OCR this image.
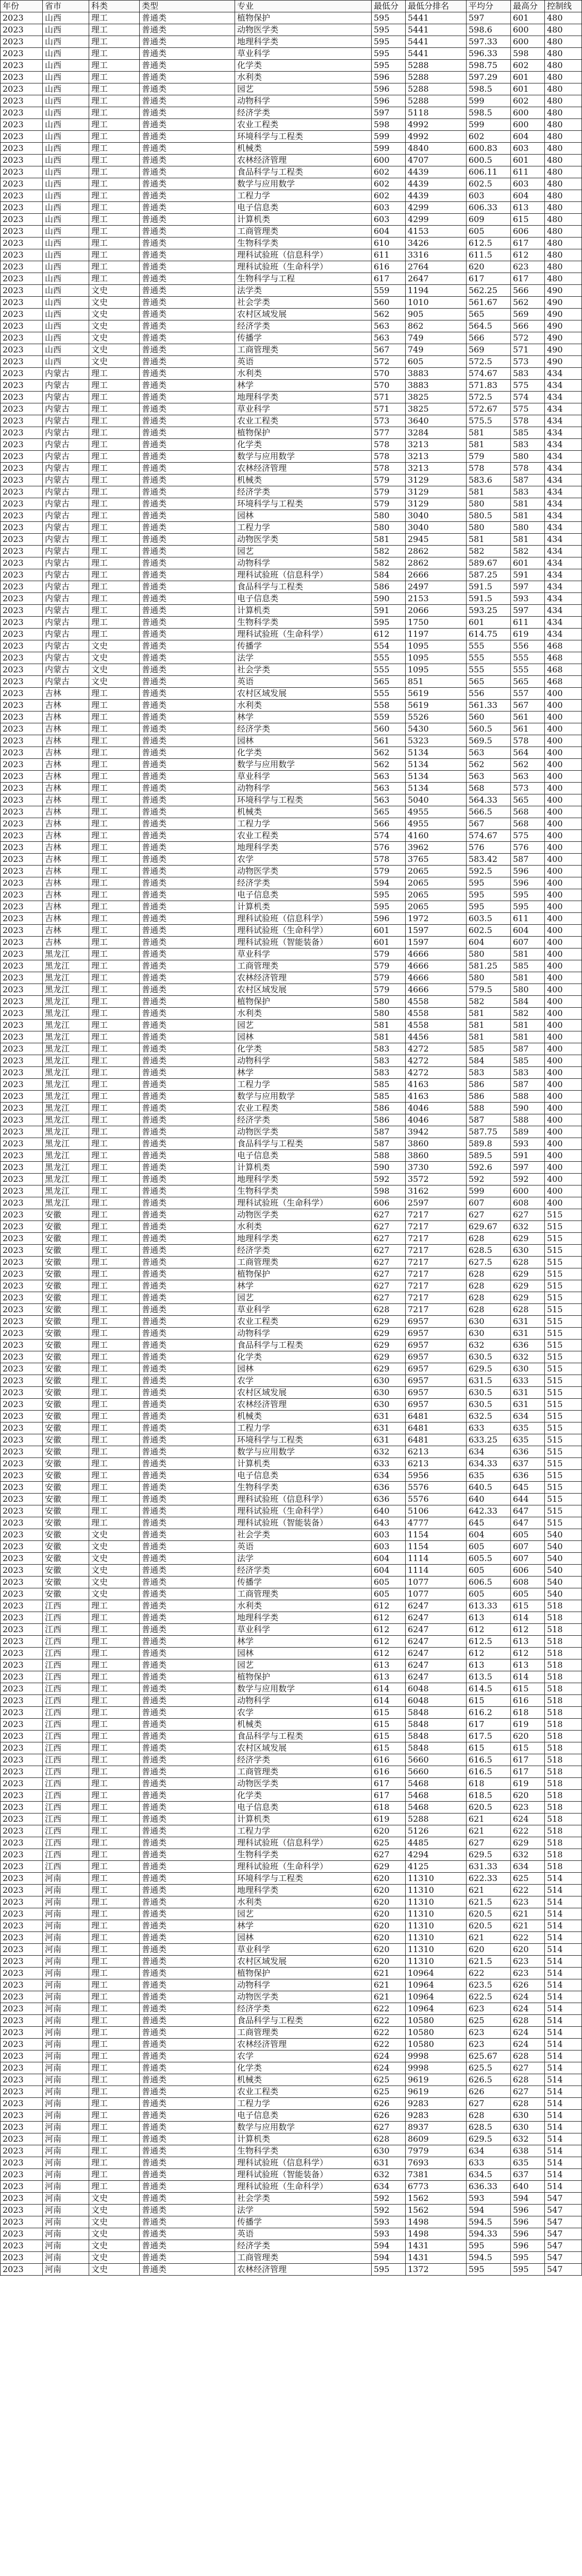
年份	省市	科类	类型	专业	最低分	最低分排名	平均分	最高分	控制线
2023	山西	理工	普通类	植物保护	595	5441	597	601	480
2023	山西	理工	普通类	动物医学类	595	5441	598.6	600	480
2023	山西	理工	普通类	地理科学类	595	5441	597.33	600	480
2023	山西	理工	普通类	草业科学	595	5441	596.33	598	480
2023	山西	理工	普通类	化学类	595	5288	598.75	602	480
2023	山西	理工	普通类	水利类	596	5288	597.29	601	480
2023	山西	理工	普通类	园艺	596	5288	598.5	601	480
2023	山西	理工	普通类	动物科学	596	5288	599	602	480
2023	山西	理工	普通类	经济学类	597	5118	598.5	600	480
2023	山西	理工	普通类	农业工程类	598	4992	599	600	480
2023	山西	理工	普通类	环境科学与工程类	599	4992	602	604	480
2023	山西	理工	普通类	机械类	599	4840	600.83	603	480
2023	山西	理工	普通类	农林经济管理	600	4707	600.5	601	480
2023	山西	理工	普通类	食品科学与工程类	602	4439	606.11	611	480
2023	山西	理工	普通类	数学与应用数学	602	4439	602.5	603	480
2023	山西	理工	普通类	工程力学	602	4439	603	604	480
2023	山西	理工	普通类	电子信息类	603	4299	606.33	613	480
2023	山西	理工	普通类	计算机类	603	4299	609	615	480
2023	山西	理工	普通类	工商管理类	604	4153	605	606	480
2023	山西	理工	普通类	生物科学类	610	3426	612.5	617	480
2023	山西	理工	普通类	理科试验班（信息科学）	611	3316	611.5	612	480
2023	山西	理工	普通类	理科试验班（生命科学）	616	2764	620	623	480
2023	山西	理工	普通类	生物科学与工程	617	2647	617	617	480
2023	山西	文史	普通类	法学类	559	1194	562.25	566	490
2023	山西	文史	普通类	社会学类	560	1010	561.67	562	490
2023	山西	文史	普通类	农村区域发展	562	905	565	569	490
2023	山西	文史	普通类	经济学类	563	862	564.5	566	490
2023	山西	文史	普通类	传播学	563	749	566	572	490
2023	山西	文史	普通类	工商管理类	567	749	569	571	490
2023	山西	文史	普通类	英语	572	605	572.5	573	490
2023	内蒙古	理工	普通类	水利类	570	3883	574.67	583	434
2023	内蒙古	理工	普通类	林学	570	3883	571.83	575	434
2023	内蒙古	理工	普通类	地理科学类	571	3825	572.5	574	434
2023	内蒙古	理工	普通类	草业科学	571	3825	572.67	575	434
2023	内蒙古	理工	普通类	农业工程类	573	3640	575.5	578	434
2023	内蒙古	理工	普通类	植物保护	577	3284	581	585	434
2023	内蒙古	理工	普通类	化学类	578	3213	581	583	434
2023	内蒙古	理工	普通类	数学与应用数学	578	3213	579	580	434
2023	内蒙古	理工	普通类	农林经济管理	578	3213	578	578	434
2023	内蒙古	理工	普通类	机械类	579	3129	583.6	587	434
2023	内蒙古	理工	普通类	经济学类	579	3129	581	583	434
2023	内蒙古	理工	普通类	环境科学与工程类	579	3129	580	581	434
2023	内蒙古	理工	普通类	园林	580	3040	580.5	581	434
2023	内蒙古	理工	普通类	工程力学	580	3040	580	580	434
2023	内蒙古	理工	普通类	动物医学类	581	2945	581	581	434
2023	内蒙古	理工	普通类	园艺	582	2862	582	582	434
2023	内蒙古	理工	普通类	动物科学	582	2862	589.67	601	434
2023	内蒙古	理工	普通类	理科试验班（信息科学）	584	2666	587.25	591	434
2023	内蒙古	理工	普通类	食品科学与工程类	586	2497	591.5	597	434
2023	内蒙古	理工	普通类	电子信息类	590	2153	591.5	593	434
2023	内蒙古	理工	普通类	计算机类	591	2066	593.25	597	434
2023	内蒙古	理工	普通类	生物科学类	595	1750	601	611	434
2023	内蒙古	理工	普通类	理科试验班（生命科学）	612	1197	614.75	619	434
2023	内蒙古	文史	普通类	传播学	554	1095	555	556	468
2023	内蒙古	文史	普通类	法学	555	1095	555	555	468
2023	内蒙古	文史	普通类	社会学类	555	1095	555	555	468
2023	内蒙古	文史	普通类	英语	565	851	565	565	468
2023	吉林	理工	普通类	农村区域发展	555	5619	556	557	400
2023	吉林	理工	普通类	水利类	558	5619	561.33	567	400
2023	吉林	理工	普通类	林学	559	5526	560	561	400
2023	吉林	理工	普通类	经济学类	560	5430	560.5	561	400
2023	吉林	理工	普通类	园林	561	5323	569.5	578	400
2023	吉林	理工	普通类	化学类	562	5134	563	564	400
2023	吉林	理工	普通类	数学与应用数学	562	5134	562	562	400
2023	吉林	理工	普通类	草业科学	563	5134	563	563	400
2023	吉林	理工	普通类	动物科学	563	5134	568	573	400
2023	吉林	理工	普通类	环境科学与工程类	563	5040	564.33	565	400
2023	吉林	理工	普通类	机械类	565	4955	566.5	568	400
2023	吉林	理工	普通类	工程力学	566	4955	567	568	400
2023	吉林	理工	普通类	农业工程类	574	4160	574.67	575	400
2023	吉林	理工	普通类	地理科学类	576	3962	576	576	400
2023	吉林	理工	普通类	农学	578	3765	583.42	587	400
2023	吉林	理工	普通类	动物医学类	579	2065	592.5	596	400
2023	吉林	理工	普通类	经济学类	594	2065	595	596	400
2023	吉林	理工	普通类	电子信息类	595	2065	595	595	400
2023	吉林	理工	普通类	计算机类	595	2065	595	595	400
2023	吉林	理工	普通类	理科试验班（信息科学）	596	1972	603.5	611	400
2023	吉林	理工	普通类	理科试验班（生命科学）	601	1597	602.5	604	400
2023	吉林	理工	普通类	理科试验班（智能装备）	601	1597	604	607	400
2023	黑龙江	理工	普通类	草业科学	579	4666	580	581	400
2023	黑龙江	理工	普通类	工商管理类	579	4666	581.25	585	400
2023	黑龙江	理工	普通类	农林经济管理	579	4666	580	581	400
2023	黑龙江	理工	普通类	农村区域发展	579	4666	579.5	580	400
2023	黑龙江	理工	普通类	植物保护	580	4558	582	584	400
2023	黑龙江	理工	普通类	水利类	580	4558	581	582	400
2023	黑龙江	理工	普通类	园艺	581	4558	581	581	400
2023	黑龙江	理工	普通类	园林	581	4456	581	581	400
2023	黑龙江	理工	普通类	化学类	583	4272	585	587	400
2023	黑龙江	理工	普通类	动物科学	583	4272	584	585	400
2023	黑龙江	理工	普通类	林学	583	4272	583	583	400
2023	黑龙江	理工	普通类	工程力学	585	4163	586	587	400
2023	黑龙江	理工	普通类	数学与应用数学	585	4163	586	588	400
2023	黑龙江	理工	普通类	农业工程类	586	4046	588	590	400
2023	黑龙江	理工	普通类	经济学类	586	4046	587	588	400
2023	黑龙江	理工	普通类	动物医学类	587	3942	587.75	589	400
2023	黑龙江	理工	普通类	食品科学与工程类	587	3860	589.8	593	400
2023	黑龙江	理工	普通类	电子信息类	588	3860	589.5	591	400
2023	黑龙江	理工	普通类	计算机类	590	3730	592.6	597	400
2023	黑龙江	理工	普通类	地理科学类	592	3572	592	592	400
2023	黑龙江	理工	普通类	生物科学类	598	3162	599	600	400
2023	黑龙江	理工	普通类	理科试验班（生命科学）	606	2597	607	608	400
2023	安徽	理工	普通类	动物医学类	627	7217	627	627	515
2023	安徽	理工	普通类	水利类	627	7217	629.67	632	515
2023	安徽	理工	普通类	地理科学类	627	7217	628	629	515
2023	安徽	理工	普通类	经济学类	627	7217	628.5	630	515
2023	安徽	理工	普通类	工商管理类	627	7217	627.5	628	515
2023	安徽	理工	普通类	植物保护	627	7217	628	629	515
2023	安徽	理工	普通类	林学	627	7217	628	629	515
2023	安徽	理工	普通类	园艺	627	7217	628	629	515
2023	安徽	理工	普通类	草业科学	628	7217	628	628	515
2023	安徽	理工	普通类	农业工程类	629	6957	630	631	515
2023	安徽	理工	普通类	动物科学	629	6957	630	631	515
2023	安徽	理工	普通类	食品科学与工程类	629	6957	632	636	515
2023	安徽	理工	普通类	化学类	629	6957	630.5	632	515
2023	安徽	理工	普通类	园林	629	6957	629.5	630	515
2023	安徽	理工	普通类	农学	630	6957	631.5	633	515
2023	安徽	理工	普通类	农村区域发展	630	6957	630.5	631	515
2023	安徽	理工	普通类	农林经济管理	630	6957	630.5	631	515
2023	安徽	理工	普通类	机械类	631	6481	632.5	634	515
2023	安徽	理工	普通类	工程力学	631	6481	633	635	515
2023	安徽	理工	普通类	环境科学与工程类	631	6481	633.25	635	515
2023	安徽	理工	普通类	数学与应用数学	632	6213	634	636	515
2023	安徽	理工	普通类	计算机类	633	6213	634.33	637	515
2023	安徽	理工	普通类	电子信息类	634	5956	635	636	515
2023	安徽	理工	普通类	生物科学类	636	5576	640.5	645	515
2023	安徽	理工	普通类	理科试验班（信息科学）	636	5576	640	644	515
2023	安徽	理工	普通类	理科试验班（生命科学）	640	5106	642.33	647	515
2023	安徽	理工	普通类	理科试验班（智能装备）	643	4777	645	647	515
2023	安徽	文史	普通类	社会学类	603	1154	604	605	540
2023	安徽	文史	普通类	英语	603	1154	605	607	540
2023	安徽	文史	普通类	法学	604	1114	605.5	607	540
2023	安徽	文史	普通类	经济学类	604	1114	605	606	540
2023	安徽	文史	普通类	传播学	605	1077	606.5	608	540
2023	安徽	文史	普通类	工商管理类	605	1077	605	605	540
2023	江西	理工	普通类	水利类	612	6247	613.33	615	518
2023	江西	理工	普通类	地理科学类	612	6247	613	614	518
2023	江西	理工	普通类	草业科学	612	6247	612	612	518
2023	江西	理工	普通类	林学	612	6247	612.5	613	518
2023	江西	理工	普通类	园林	612	6247	612	612	518
2023	江西	理工	普通类	园艺	613	6247	613	613	518
2023	江西	理工	普通类	植物保护	613	6247	613.5	614	518
2023	江西	理工	普通类	数学与应用数学	614	6048	614.5	615	518
2023	江西	理工	普通类	动物科学	614	6048	615	616	518
2023	江西	理工	普通类	农学	615	5848	616.2	618	518
2023	江西	理工	普通类	机械类	615	5848	617	619	518
2023	江西	理工	普通类	食品科学与工程类	615	5848	617.5	620	518
2023	江西	理工	普通类	农村区域发展	615	5848	615	615	518
2023	江西	理工	普通类	经济学类	616	5660	616.5	617	518
2023	江西	理工	普通类	工商管理类	616	5660	616.5	617	518
2023	江西	理工	普通类	动物医学类	617	5468	618	619	518
2023	江西	理工	普通类	化学类	617	5468	618.5	620	518
2023	江西	理工	普通类	电子信息类	618	5468	620.5	623	518
2023	江西	理工	普通类	计算机类	619	5288	621	624	518
2023	江西	理工	普通类	工程力学	620	5126	621	622	518
2023	江西	理工	普通类	理科试验班（信息科学）	625	4485	627	629	518
2023	江西	理工	普通类	生物科学类	627	4294	629.5	632	518
2023	江西	理工	普通类	理科试验班（生命科学）	629	4125	631.33	634	518
2023	河南	理工	普通类	环境科学与工程类	620	11310	622.33	625	514
2023	河南	理工	普通类	地理科学类	620	11310	621	622	514
2023	河南	理工	普通类	水利类	620	11310	621.5	623	514
2023	河南	理工	普通类	园艺	620	11310	620.5	621	514
2023	河南	理工	普通类	林学	620	11310	620.5	621	514
2023	河南	理工	普通类	园林	620	11310	621	622	514
2023	河南	理工	普通类	草业科学	620	11310	620	620	514
2023	河南	理工	普通类	农村区域发展	620	11310	621.5	623	514
2023	河南	理工	普通类	植物保护	621	10964	622	623	514
2023	河南	理工	普通类	动物科学	621	10964	623.5	626	514
2023	河南	理工	普通类	动物医学类	621	10964	622.5	624	514
2023	河南	理工	普通类	经济学类	622	10964	623	624	514
2023	河南	理工	普通类	食品科学与工程类	622	10580	625	628	514
2023	河南	理工	普通类	工商管理类	622	10580	623	624	514
2023	河南	理工	普通类	农林经济管理	622	10580	623	624	514
2023	河南	理工	普通类	农学	624	9998	625.67	628	514
2023	河南	理工	普通类	化学类	624	9998	625.5	627	514
2023	河南	理工	普通类	机械类	625	9619	626.5	628	514
2023	河南	理工	普通类	农业工程类	625	9619	626	627	514
2023	河南	理工	普通类	工程力学	626	9283	627	628	514
2023	河南	理工	普通类	电子信息类	626	9283	628	630	514
2023	河南	理工	普通类	数学与应用数学	627	8937	628.5	630	514
2023	河南	理工	普通类	计算机类	628	8609	629.5	632	514
2023	河南	理工	普通类	生物科学类	630	7979	634	638	514
2023	河南	理工	普通类	理科试验班（信息科学）	631	7693	633	635	514
2023	河南	理工	普通类	理科试验班（智能装备）	632	7381	634.5	637	514
2023	河南	理工	普通类	理科试验班（生命科学）	634	6773	636.33	640	514
2023	河南	文史	普通类	社会学类	592	1562	593	594	547
2023	河南	文史	普通类	法学	592	1562	594	596	547
2023	河南	文史	普通类	传播学	593	1498	594.5	596	547
2023	河南	文史	普通类	英语	593	1498	594.33	596	547
2023	河南	文史	普通类	经济学类	594	1431	595	596	547
2023	河南	文史	普通类	工商管理类	594	1431	594.5	595	547
2023	河南	文史	普通类	农林经济管理	595	1372	595	595	547
